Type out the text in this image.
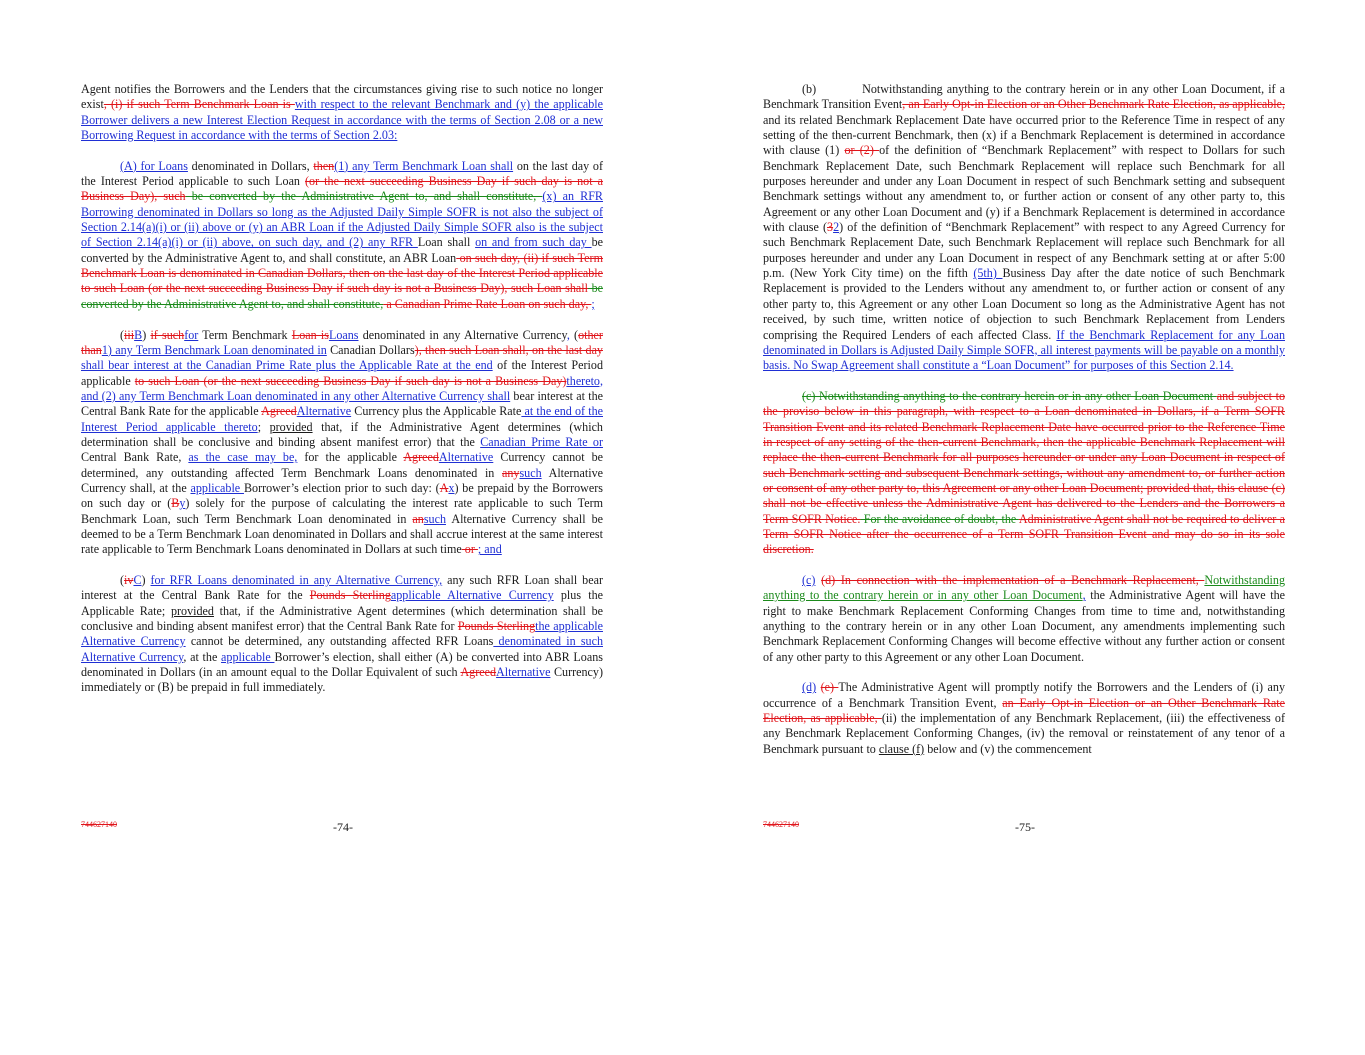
Agent notifies the Borrowers and the Lenders that the circumstances giving rise to such notice no longer exist, (i) if such Term Benchmark Loan is with respect to the relevant Benchmark and (y) the applicable Borrower delivers a new Interest Election Request in accordance with the terms of Section 2.08 or a new Borrowing Request in accordance with the terms of Section 2.03:

(A) for Loans denominated in Dollars, then(1) any Term Benchmark Loan shall on the last day of the Interest Period applicable to such Loan (or the next succeeding Business Day if such day is not a Business Day), such be converted by the Administrative Agent to, and shall constitute, (x) an RFR Borrowing denominated in Dollars so long as the Adjusted Daily Simple SOFR is not also the subject of Section 2.14(a)(i) or (ii) above or (y) an ABR Loan if the Adjusted Daily Simple SOFR also is the subject of Section 2.14(a)(i) or (ii) above, on such day, and (2) any RFR Loan shall on and from such day be converted by the Administrative Agent to, and shall constitute, an ABR Loan on such day, (ii) if such Term Benchmark Loan is denominated in Canadian Dollars, then on the last day of the Interest Period applicable to such Loan (or the next succeeding Business Day if such day is not a Business Day), such Loan shall be converted by the Administrative Agent to, and shall constitute, a Canadian Prime Rate Loan on such day, ;

(iiiB) if suchfor Term Benchmark Loan isLoans denominated in any Alternative Currency, (other than1) any Term Benchmark Loan denominated in Canadian Dollars), then such Loan shall, on the last day shall bear interest at the Canadian Prime Rate plus the Applicable Rate at the end of the Interest Period applicable to such Loan (or the next succeeding Business Day if such day is not a Business Day)thereto, and (2) any Term Benchmark Loan denominated in any other Alternative Currency shall bear interest at the Central Bank Rate for the applicable AgreedAlternative Currency plus the Applicable Rate at the end of the Interest Period applicable thereto; provided that, if the Administrative Agent determines (which determination shall be conclusive and binding absent manifest error) that the Canadian Prime Rate or Central Bank Rate, as the case may be, for the applicable AgreedAlternative Currency cannot be determined, any outstanding affected Term Benchmark Loans denominated in anysuch Alternative Currency shall, at the applicable Borrower’s election prior to such day: (Ax) be prepaid by the Borrowers on such day or (By) solely for the purpose of calculating the interest rate applicable to such Term Benchmark Loan, such Term Benchmark Loan denominated in ansuch Alternative Currency shall be deemed to be a Term Benchmark Loan denominated in Dollars and shall accrue interest at the same interest rate applicable to Term Benchmark Loans denominated in Dollars at such time or ; and

(ivC) for RFR Loans denominated in any Alternative Currency, any such RFR Loan shall bear interest at the Central Bank Rate for the Pounds Sterlingapplicable Alternative Currency plus the Applicable Rate; provided that, if the Administrative Agent determines (which determination shall be conclusive and binding absent manifest error) that the Central Bank Rate for Pounds Sterlingthe applicable Alternative Currency cannot be determined, any outstanding affected RFR Loans denominated in such Alternative Currency, at the applicable Borrower’s election, shall either (A) be converted into ABR Loans denominated in Dollars (in an amount equal to the Dollar Equivalent of such AgreedAlternative Currency) immediately or (B) be prepaid in full immediately.

(b)	Notwithstanding anything to the contrary herein or in any other Loan Document, if a Benchmark Transition Event, an Early Opt-in Election or an Other Benchmark Rate Election, as applicable, and its related Benchmark Replacement Date have occurred prior to the Reference Time in respect of any setting of the then-current Benchmark, then (x) if a Benchmark Replacement is determined in accordance with clause (1) or (2) of the definition of “Benchmark Replacement” with respect to Dollars for such Benchmark Replacement Date, such Benchmark Replacement will replace such Benchmark for all purposes hereunder and under any Loan Document in respect of such Benchmark setting and subsequent Benchmark settings without any amendment to, or further action or consent of any other party to, this Agreement or any other Loan Document and (y) if a Benchmark Replacement is determined in accordance with clause (32) of the definition of “Benchmark Replacement” with respect to any Agreed Currency for such Benchmark Replacement Date, such Benchmark Replacement will replace such Benchmark for all purposes hereunder and under any Loan Document in respect of any Benchmark setting at or after 5:00 p.m. (New York City time) on the fifth (5th) Business Day after the date notice of such Benchmark Replacement is provided to the Lenders without any amendment to, or further action or consent of any other party to, this Agreement or any other Loan Document so long as the Administrative Agent has not received, by such time, written notice of objection to such Benchmark Replacement from Lenders comprising the Required Lenders of each affected Class. If the Benchmark Replacement for any Loan denominated in Dollars is Adjusted Daily Simple SOFR, all interest payments will be payable on a monthly basis. No Swap Agreement shall constitute a “Loan Document” for purposes of this Section 2.14.

(c) Notwithstanding anything to the contrary herein or in any other Loan Document and subject to the proviso below in this paragraph, with respect to a Loan denominated in Dollars, if a Term SOFR Transition Event and its related Benchmark Replacement Date have occurred prior to the Reference Time in respect of any setting of the then-current Benchmark, then the applicable Benchmark Replacement will replace the then-current Benchmark for all purposes hereunder or under any Loan Document in respect of such Benchmark setting and subsequent Benchmark settings, without any amendment to, or further action or consent of any other party to, this Agreement or any other Loan Document; provided that, this clause (c) shall not be effective unless the Administrative Agent has delivered to the Lenders and the Borrowers a Term SOFR Notice. For the avoidance of doubt, the Administrative Agent shall not be required to deliver a Term SOFR Notice after the occurrence of a Term SOFR Transition Event and may do so in its sole discretion.

(c) (d) In connection with the implementation of a Benchmark Replacement, Notwithstanding anything to the contrary herein or in any other Loan Document, the Administrative Agent will have the right to make Benchmark Replacement Conforming Changes from time to time and, notwithstanding anything to the contrary herein or in any other Loan Document, any amendments implementing such Benchmark Replacement Conforming Changes will become effective without any further action or consent of any other party to this Agreement or any other Loan Document.

(d) (e) The Administrative Agent will promptly notify the Borrowers and the Lenders of (i) any occurrence of a Benchmark Transition Event, an Early Opt-in Election or an Other Benchmark Rate Election, as applicable, (ii) the implementation of any Benchmark Replacement, (iii) the effectiveness of any Benchmark Replacement Conforming Changes, (iv) the removal or reinstatement of any tenor of a Benchmark pursuant to clause (f) below and (v) the commencement

744627140	-74-	744627140	-75-
